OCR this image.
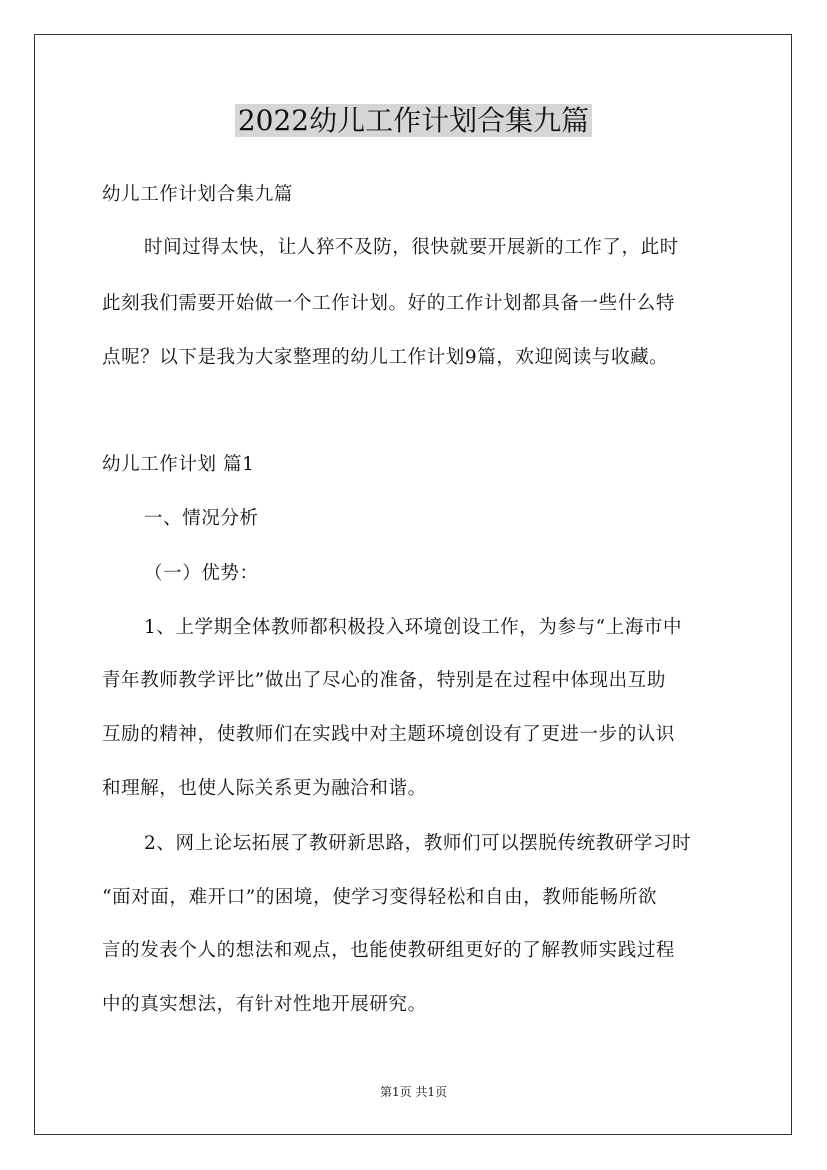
2022幼儿工作计划合集九篇
幼儿工作计划合集九篇
时间过得太快，让人猝不及防，很快就要开展新的工作了，此时
此刻我们需要开始做一个工作计划。好的工作计划都具备一些什么特
点呢？以下是我为大家整理的幼儿工作计划9篇，欢迎阅读与收藏。
幼儿工作计划 篇1
一、情况分析
（一）优势：
1、上学期全体教师都积极投入环境创设工作，为参与“上海市中
青年教师教学评比”做出了尽心的准备，特别是在过程中体现出互助
互励的精神，使教师们在实践中对主题环境创设有了更进一步的认识
和理解，也使人际关系更为融洽和谐。
2、网上论坛拓展了教研新思路，教师们可以摆脱传统教研学习时
“面对面，难开口”的困境，使学习变得轻松和自由，教师能畅所欲
言的发表个人的想法和观点，也能使教研组更好的了解教师实践过程
中的真实想法，有针对性地开展研究。
第1页 共1页
